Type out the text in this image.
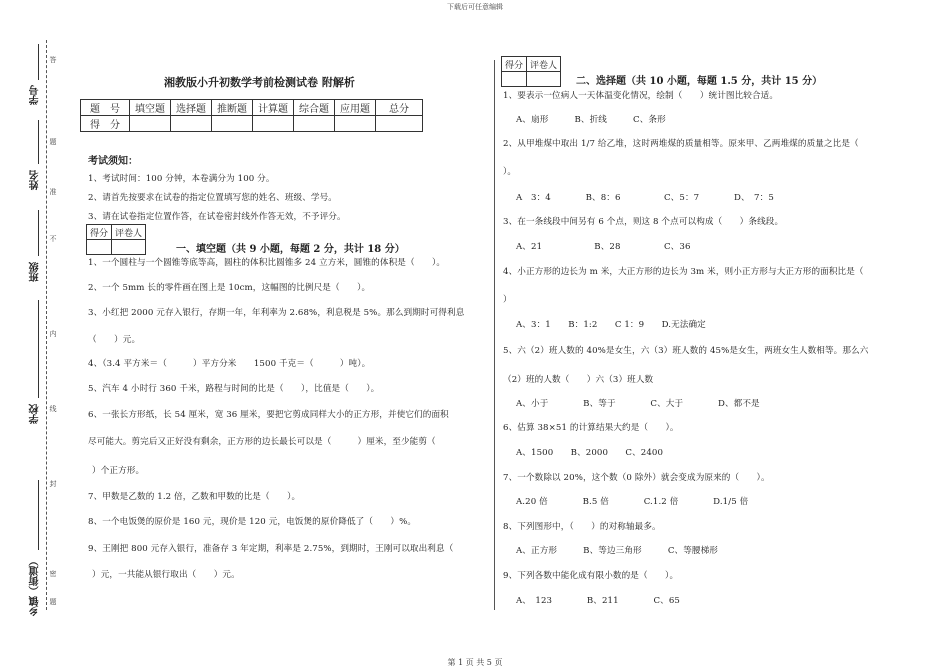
下载后可任意编辑
学号
姓名
班级
学校
乡镇（街道）
答
题
准
不
内
线
封
密
题
湘教版小升初数学考前检测试卷 附解析
题　号	填空题	选择题	推断题	计算题	综合题	应用题	总分
得　分							
考试须知：
1、考试时间：100 分钟，本卷满分为 100 分。
2、请首先按要求在试卷的指定位置填写您的姓名、班级、学号。
3、请在试卷指定位置作答，在试卷密封线外作答无效，不予评分。
得分	评卷人

一、填空题（共 9 小题，每题 2 分，共计 18 分）
1、一个圆柱与一个圆锥等底等高，圆柱的体积比圆锥多 24 立方米，圆锥的体积是（　　）。
2、一个 5mm 长的零件画在图上是 10cm，这幅图的比例尺是（　　）。
3、小红把 2000 元存入银行，存期一年，年利率为 2.68%，利息税是 5%。那么到期时可得利息
（　　）元。
4、（3.4 平方米＝（　　　）平方分米　　1500 千克＝（　　　）吨）。
5、汽车 4 小时行 360 千米，路程与时间的比是（　　），比值是（　　）。
6、一张长方形纸，长 54 厘米，宽 36 厘米，要把它剪成同样大小的正方形，并使它们的面积
尽可能大。剪完后又正好没有剩余，正方形的边长最长可以是（　　　）厘米，至少能剪（
）个正方形。
7、甲数是乙数的 1.2 倍，乙数和甲数的比是（　　）。
8、一个电饭煲的原价是 160 元，现价是 120 元，电饭煲的原价降低了（　　）%。
9、王刚把 800 元存入银行，准备存 3 年定期，利率是 2.75%，到期时，王刚可以取出利息（
）元，一共能从银行取出（　　）元。
得分	评卷人

二、选择题（共 10 小题，每题 1.5 分，共计 15 分）
1、要表示一位病人一天体温变化情况，绘制（　　）统计图比较合适。
A、扇形　　　B、折线　　　C、条形
2、从甲堆煤中取出 1/7 给乙堆，这时两堆煤的质量相等。原来甲、乙两堆煤的质量之比是（
）。
A　3：4　　　　B、8：6　　　　　C、5：7　　　　D、　7：5
3、在一条线段中间另有 6 个点，则这 8 个点可以构成（　　）条线段。
A、21　　　　　　B、28　　　　　C、36
4、小正方形的边长为 m 米，大正方形的边长为 3m 米，则小正方形与大正方形的面积比是（
）
A、3：1　　B：1:2　　C 1：9　　D.无法确定
5、六（2）班人数的 40%是女生，六（3）班人数的 45%是女生，两班女生人数相等。那么六
（2）班的人数（　　）六（3）班人数
A、小于　　　　B、等于　　　　C、大于　　　　D、都不是
6、估算 38×51 的计算结果大约是（　　）。
A、1500　　B、2000　　C、2400
7、一个数除以 20%，这个数（0 除外）就会变成为原来的（　　）。
A.20 倍　　　　B.5 倍　　　　C.1.2 倍　　　　D.1/5 倍
8、下列图形中，（　　）的对称轴最多。
A、正方形　　　B、等边三角形　　　C、等腰梯形
9、下列各数中能化成有限小数的是（　　）。
A、　123　　　　B、211　　　　C、65
第 1 页 共 5 页
